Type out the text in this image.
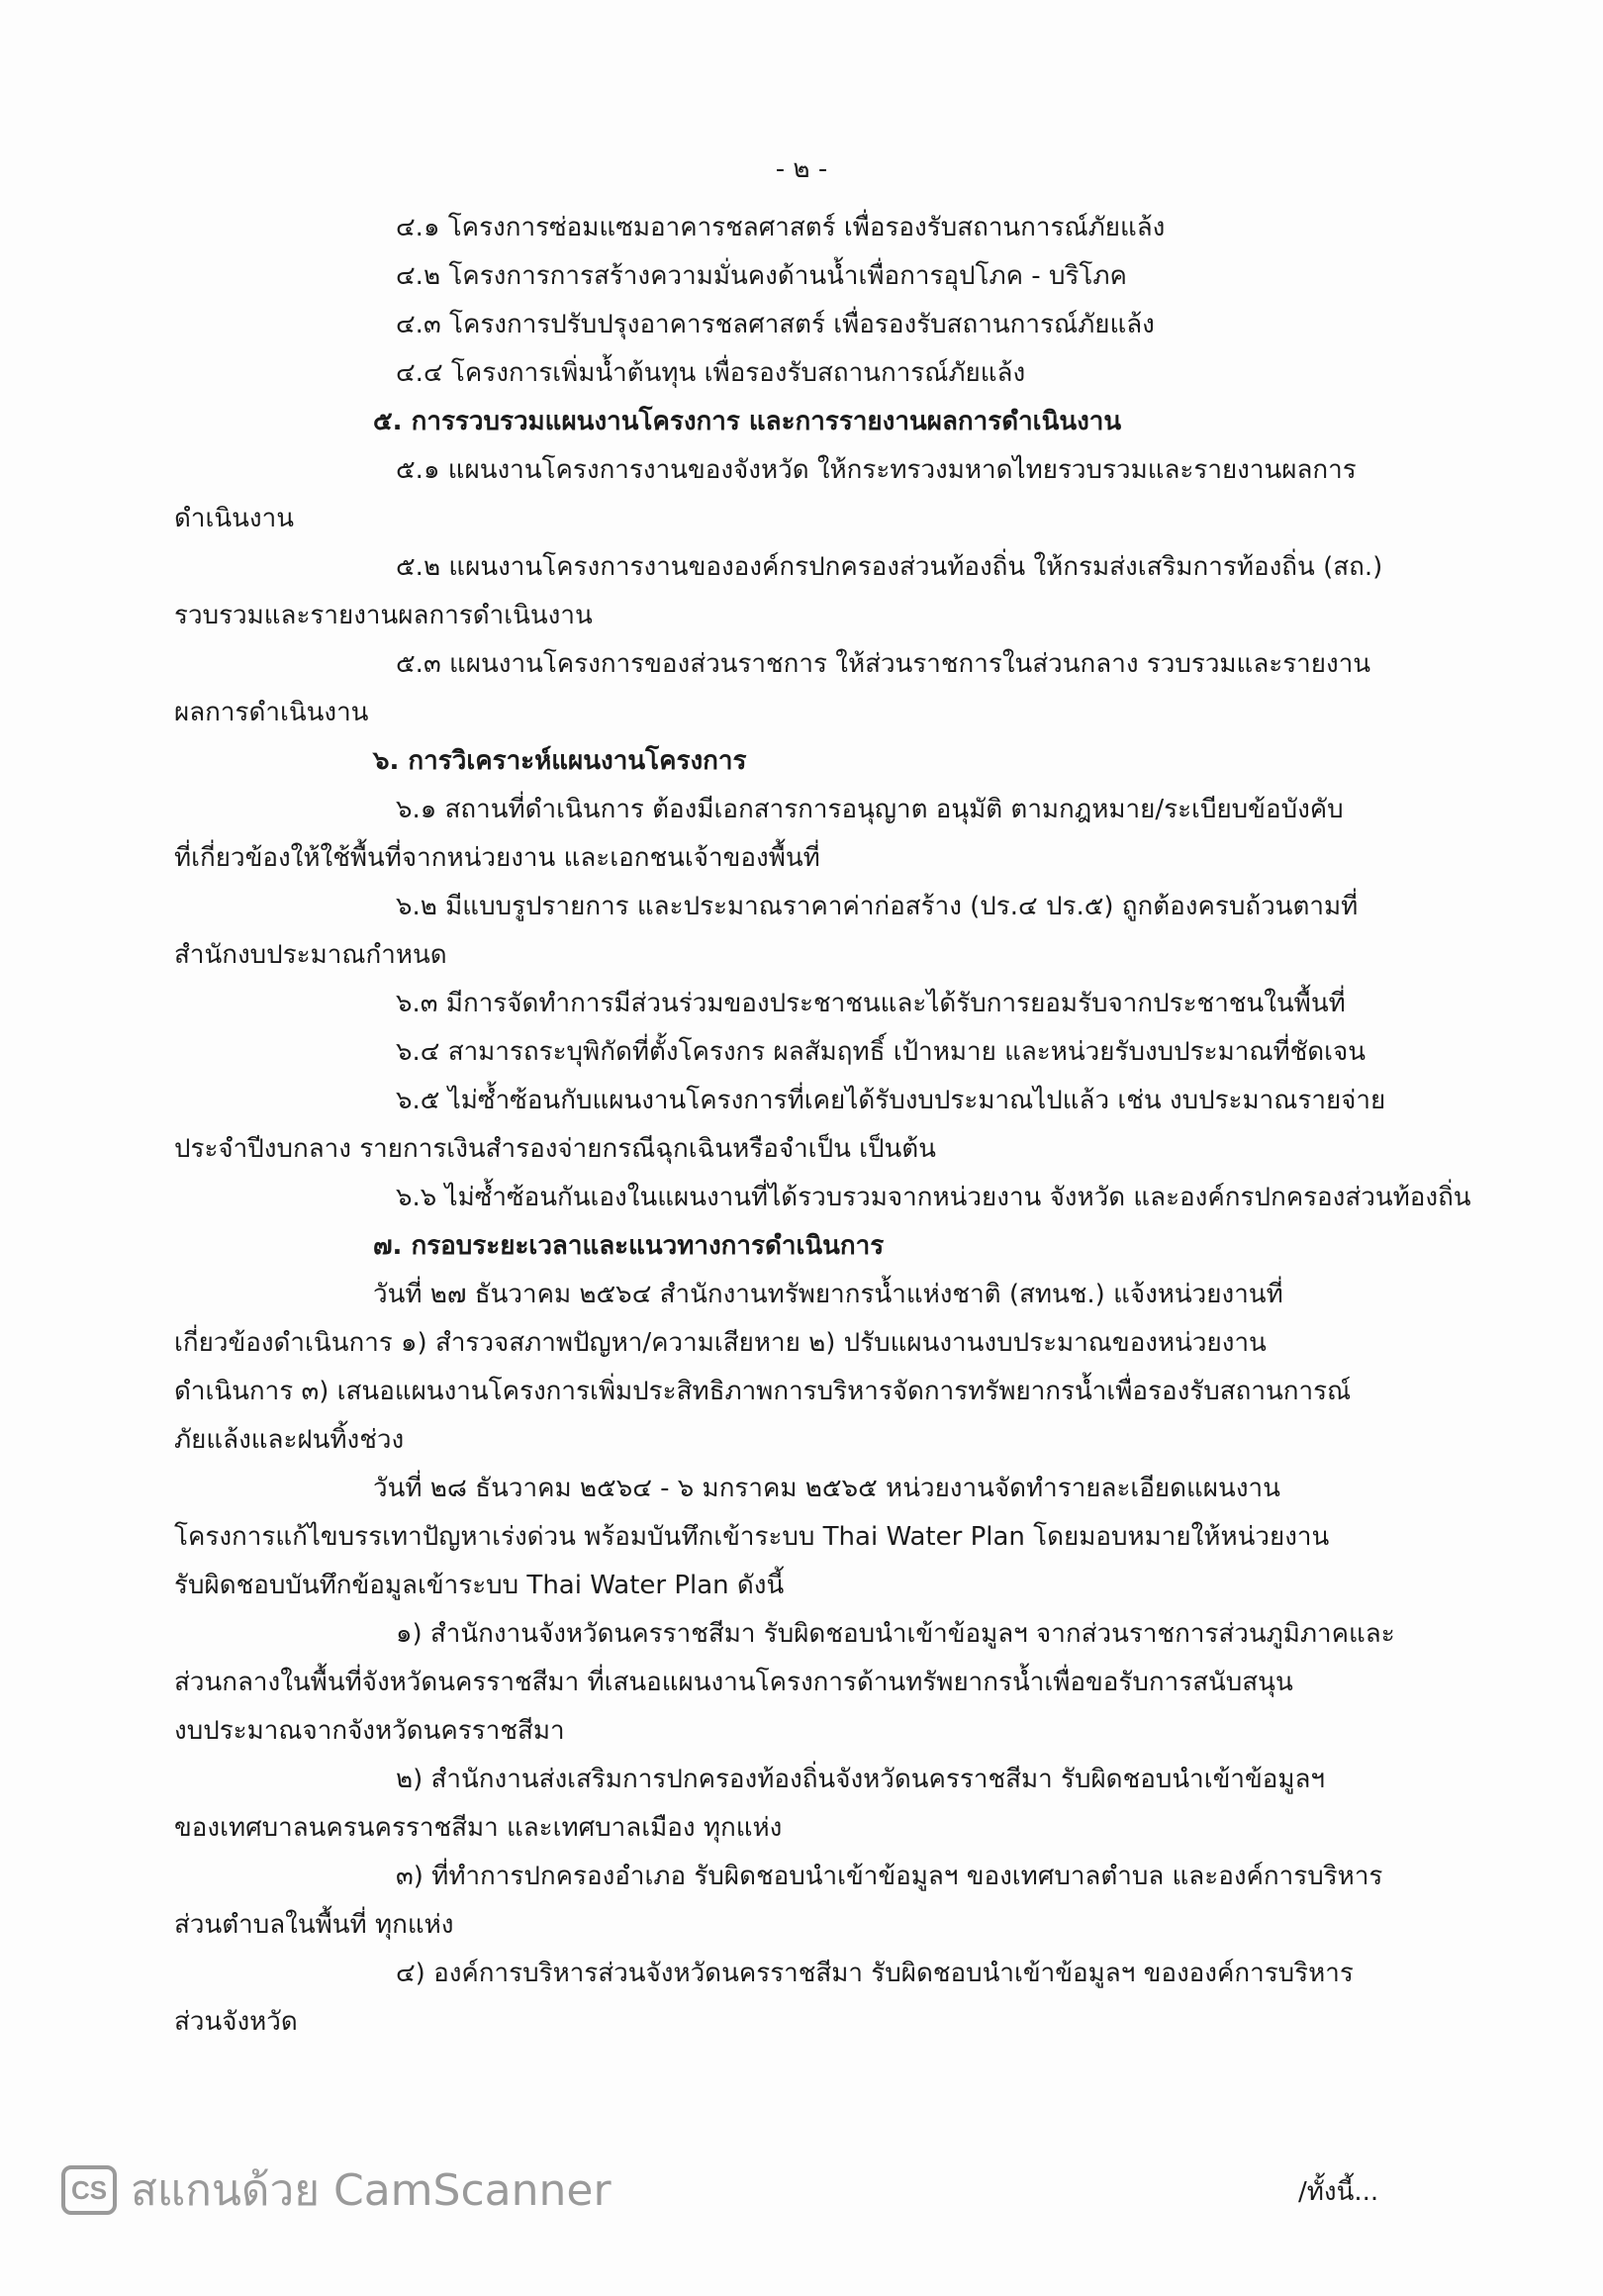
- ๒ -
๔.๑ โครงการซ่อมแซมอาคารชลศาสตร์ เพื่อรองรับสถานการณ์ภัยแล้ง
๔.๒ โครงการการสร้างความมั่นคงด้านน้ำเพื่อการอุปโภค - บริโภค
๔.๓ โครงการปรับปรุงอาคารชลศาสตร์ เพื่อรองรับสถานการณ์ภัยแล้ง
๔.๔ โครงการเพิ่มน้ำต้นทุน เพื่อรองรับสถานการณ์ภัยแล้ง
๕. การรวบรวมแผนงานโครงการ และการรายงานผลการดำเนินงาน
๕.๑ แผนงานโครงการงานของจังหวัด ให้กระทรวงมหาดไทยรวบรวมและรายงานผลการ
ดำเนินงาน
๕.๒ แผนงานโครงการงานขององค์กรปกครองส่วนท้องถิ่น ให้กรมส่งเสริมการท้องถิ่น (สถ.)
รวบรวมและรายงานผลการดำเนินงาน
๕.๓ แผนงานโครงการของส่วนราชการ ให้ส่วนราชการในส่วนกลาง รวบรวมและรายงาน
ผลการดำเนินงาน
๖. การวิเคราะห์แผนงานโครงการ
๖.๑ สถานที่ดำเนินการ ต้องมีเอกสารการอนุญาต อนุมัติ ตามกฎหมาย/ระเบียบข้อบังคับ
ที่เกี่ยวข้องให้ใช้พื้นที่จากหน่วยงาน และเอกชนเจ้าของพื้นที่
๖.๒ มีแบบรูปรายการ และประมาณราคาค่าก่อสร้าง (ปร.๔ ปร.๕) ถูกต้องครบถ้วนตามที่
สำนักงบประมาณกำหนด
๖.๓ มีการจัดทำการมีส่วนร่วมของประชาชนและได้รับการยอมรับจากประชาชนในพื้นที่
๖.๔ สามารถระบุพิกัดที่ตั้งโครงกร ผลสัมฤทธิ์ เป้าหมาย และหน่วยรับงบประมาณที่ชัดเจน
๖.๕ ไม่ซ้ำซ้อนกับแผนงานโครงการที่เคยได้รับงบประมาณไปแล้ว เช่น งบประมาณรายจ่าย
ประจำปีงบกลาง รายการเงินสำรองจ่ายกรณีฉุกเฉินหรือจำเป็น เป็นต้น
๖.๖ ไม่ซ้ำซ้อนกันเองในแผนงานที่ได้รวบรวมจากหน่วยงาน จังหวัด และองค์กรปกครองส่วนท้องถิ่น
๗. กรอบระยะเวลาและแนวทางการดำเนินการ
วันที่ ๒๗ ธันวาคม ๒๕๖๔ สำนักงานทรัพยากรน้ำแห่งชาติ (สทนช.) แจ้งหน่วยงานที่
เกี่ยวข้องดำเนินการ ๑) สำรวจสภาพปัญหา/ความเสียหาย ๒) ปรับแผนงานงบประมาณของหน่วยงาน
ดำเนินการ ๓) เสนอแผนงานโครงการเพิ่มประสิทธิภาพการบริหารจัดการทรัพยากรน้ำเพื่อรองรับสถานการณ์
ภัยแล้งและฝนทิ้งช่วง
วันที่ ๒๘ ธันวาคม ๒๕๖๔ - ๖ มกราคม ๒๕๖๕ หน่วยงานจัดทำรายละเอียดแผนงาน
โครงการแก้ไขบรรเทาปัญหาเร่งด่วน พร้อมบันทึกเข้าระบบ Thai Water Plan โดยมอบหมายให้หน่วยงาน
รับผิดชอบบันทึกข้อมูลเข้าระบบ Thai Water Plan ดังนี้
๑) สำนักงานจังหวัดนครราชสีมา รับผิดชอบนำเข้าข้อมูลฯ จากส่วนราชการส่วนภูมิภาคและ
ส่วนกลางในพื้นที่จังหวัดนครราชสีมา ที่เสนอแผนงานโครงการด้านทรัพยากรน้ำเพื่อขอรับการสนับสนุน
งบประมาณจากจังหวัดนครราชสีมา
๒) สำนักงานส่งเสริมการปกครองท้องถิ่นจังหวัดนครราชสีมา รับผิดชอบนำเข้าข้อมูลฯ
ของเทศบาลนครนครราชสีมา และเทศบาลเมือง ทุกแห่ง
๓) ที่ทำการปกครองอำเภอ รับผิดชอบนำเข้าข้อมูลฯ ของเทศบาลตำบล และองค์การบริหาร
ส่วนตำบลในพื้นที่ ทุกแห่ง
๔) องค์การบริหารส่วนจังหวัดนครราชสีมา รับผิดชอบนำเข้าข้อมูลฯ ขององค์การบริหาร
ส่วนจังหวัด
/ทั้งนี้...
CS สแกนด้วย CamScanner
